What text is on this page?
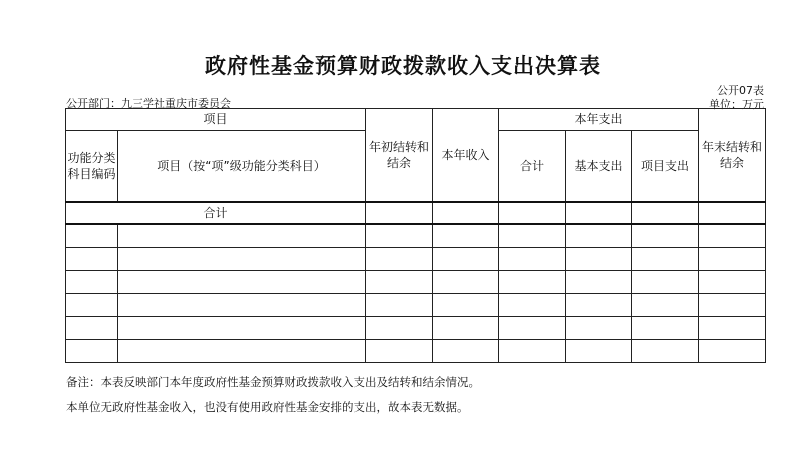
政府性基金预算财政拨款收入支出决算表
公开07表
公开部门：九三学社重庆市委员会	单位：万元
项目		年初结转和结余	本年收入	本年支出			年末结转和结余
功能分类科目编码	项目（按“项”级功能分类科目）			合计	基本支出	项目支出	
合计							

备注：本表反映部门本年度政府性基金预算财政拨款收入支出及结转和结余情况。

本单位无政府性基金收入，也没有使用政府性基金安排的支出，故本表无数据。
